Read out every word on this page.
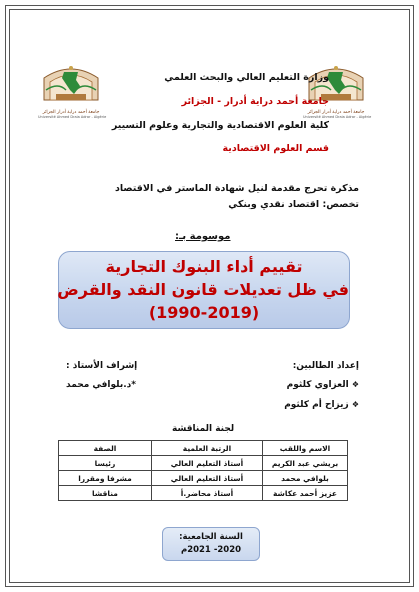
جامعة أحمد دراية أدرار الجزائر
Université Ahmed Draia Adrar - Algérie
جامعة أحمد دراية أدرار الجزائر
Université Ahmed Draia Adrar - Algérie
وزارة التعليم العالي والبحث العلمي
جامعة أحمد دراية أدرار - الجزائر
كلية العلوم الاقتصادية والتجارية وعلوم التسيير
قسم العلوم الاقتصادية
مذكرة تحرج مقدمة لنيل شهادة الماستر في الاقتصاد
تخصص: اقتصاد نقدي وبنكي
موسومة بـ:
تقييم أداء البنوك التجارية
في ظل تعديلات قانون النقد والقرض
(1990-2019)
إعداد الطالبين:
❖ العزاوي كلثوم
❖ زيزاح أم كلثوم
إشراف الأستاذ :
*د.بلوافي محمد
لجنة المناقشة
الاسم واللقب	الرتبة العلمية	الصفة
بريشي عبد الكريم	أستاذ التعليم العالي	رئيسا
بلوافي محمد	أستاذ التعليم العالي	مشرفا ومقررا
عزيز أحمد عكاشة	أستاذ محاضر.أ	مناقشا
السنة الجامعية:
2020- 2021م
